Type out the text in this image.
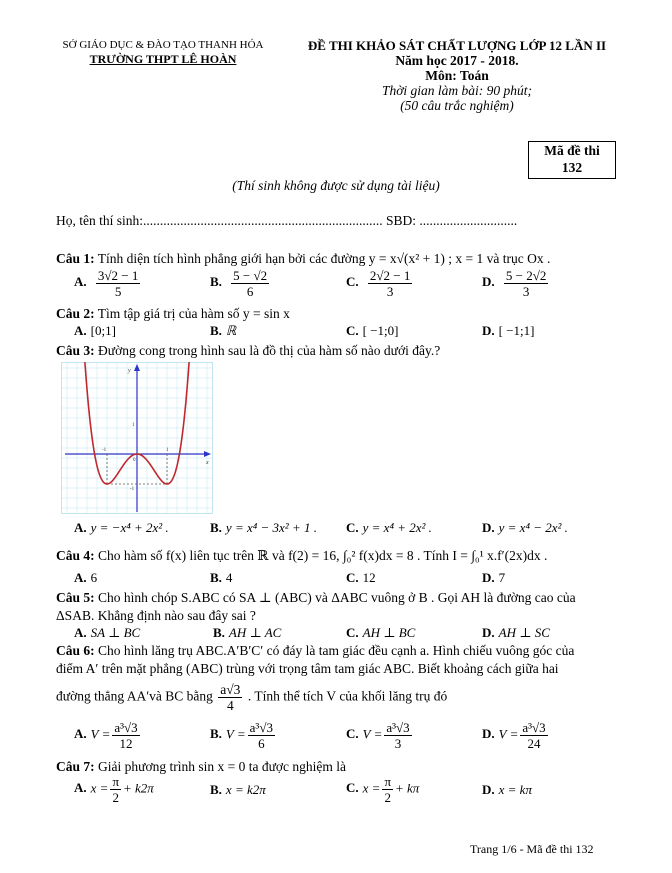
SỞ GIÁO DỤC & ĐÀO TẠO THANH HÓA
TRƯỜNG THPT LÊ HOÀN
ĐỀ THI KHẢO SÁT CHẤT LƯỢNG LỚP 12 LẦN II
Năm học 2017 - 2018.
Môn: Toán
Thời gian làm bài: 90 phút;
(50 câu trắc nghiệm)
Mã đề thi
132
(Thí sinh không được sử dụng tài liệu)
Họ, tên thí sinh:....................................................................... SBD: .............................
Câu 1: Tính diện tích hình phẳng giới hạn bởi các đường y = x√(x² + 1) ; x = 1 và trục Ox .
A. $\frac{3√2 - 1}{5}$	B. $\frac{5 - √2}{6}$	C. $\frac{2√2 - 1}{3}$	D. $\frac{5 - 2√2}{3}$
Câu 2: Tìm tập giá trị của hàm số y = sin x
A. [0;1]	B. ℝ	C. [ −1;0]	D. [ −1;1]
Câu 3: Đường cong trong hình sau là đồ thị của hàm số nào dưới đây.?
y
x
1
-1
0
1
-1
A. y = −x⁴ + 2x² .	B. y = x⁴ − 3x² + 1 . C. y = x⁴ + 2x² .	D. y = x⁴ − 2x² .
Câu 4: Cho hàm số f(x) liên tục trên ℝ và f(2) = 16, ∫₀² f(x)dx = 8 . Tính I = ∫₀¹ x.f′(2x)dx .
A. 6	B. 4	C. 12	D. 7
Câu 5: Cho hình chóp S.ABC có SA ⊥ (ABC) và ΔABC vuông ở B . Gọi AH là đường cao của
ΔSAB. Khẳng định nào sau đây sai ?
A. SA ⊥ BC	B. AH ⊥ AC	C. AH ⊥ BC	D. AH ⊥ SC
Câu 6: Cho hình lăng trụ ABC.A′B′C′ có đáy là tam giác đều cạnh a. Hình chiếu vuông góc của
điểm A′ trên mặt phẳng (ABC) trùng với trọng tâm tam giác ABC. Biết khoảng cách giữa hai
đường thẳng AA′và BC bằng $\frac{a√3}{4}$ . Tính thể tích V của khối lăng trụ đó
A. $V = \frac{\text{a³√3}}{12}$	B. $V = \frac{\text{a³√3}}{6}$	C. $V = \frac{\text{a³√3}}{3}$	D. $V = \frac{\text{a³√3}}{24}$
Câu 7: Giải phương trình sin x = 0 ta được nghiệm là
A. $x = \frac{\pi}{2} + k2\pi$	B. x = k2π	C. $x = \frac{\pi}{2} + k\pi$	D. x = kπ
Trang 1/6 - Mã đề thi 132
